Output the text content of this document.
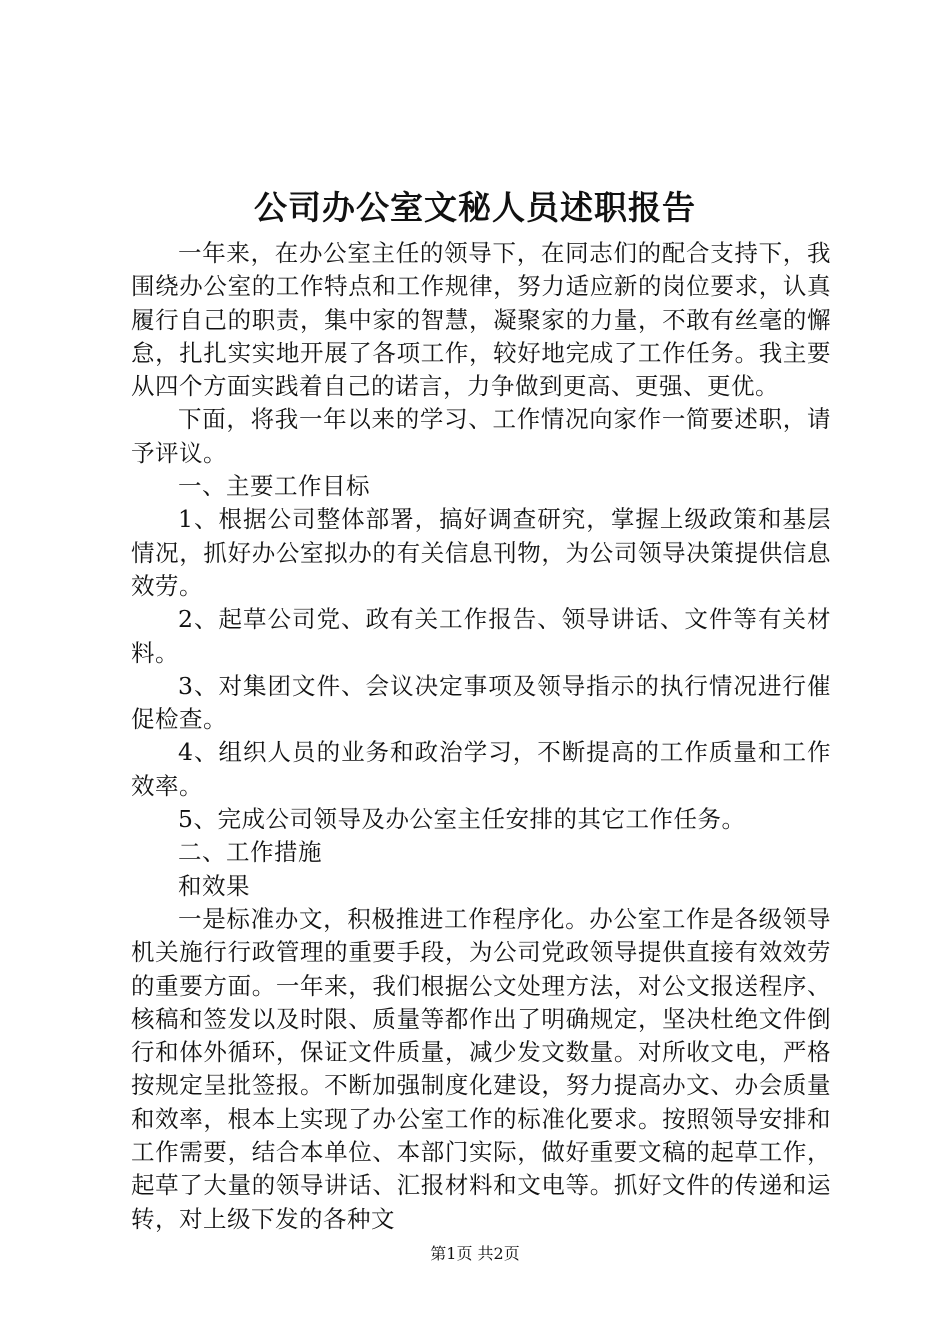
公司办公室文秘人员述职报告

一年来，在办公室主任的领导下，在同志们的配合支持下，我围绕办公室的工作特点和工作规律，努力适应新的岗位要求，认真履行自己的职责，集中家的智慧，凝聚家的力量，不敢有丝毫的懈怠，扎扎实实地开展了各项工作，较好地完成了工作任务。我主要从四个方面实践着自己的诺言，力争做到更高、更强、更优。

下面，将我一年以来的学习、工作情况向家作一简要述职，请予评议。

一、主要工作目标

1、根据公司整体部署，搞好调查研究，掌握上级政策和基层情况，抓好办公室拟办的有关信息刊物，为公司领导决策提供信息效劳。

2、起草公司党、政有关工作报告、领导讲话、文件等有关材料。

3、对集团文件、会议决定事项及领导指示的执行情况进行催促检查。

4、组织人员的业务和政治学习，不断提高的工作质量和工作效率。

5、完成公司领导及办公室主任安排的其它工作任务。

二、工作措施

和效果

一是标准办文，积极推进工作程序化。办公室工作是各级领导机关施行行政管理的重要手段，为公司党政领导提供直接有效效劳的重要方面。一年来，我们根据公文处理方法，对公文报送程序、核稿和签发以及时限、质量等都作出了明确规定，坚决杜绝文件倒行和体外循环，保证文件质量，减少发文数量。对所收文电，严格按规定呈批签报。不断加强制度化建设，努力提高办文、办会质量和效率，根本上实现了办公室工作的标准化要求。按照领导安排和工作需要，结合本单位、本部门实际，做好重要文稿的起草工作，起草了大量的领导讲话、汇报材料和文电等。抓好文件的传递和运转，对上级下发的各种文

第1页 共2页
